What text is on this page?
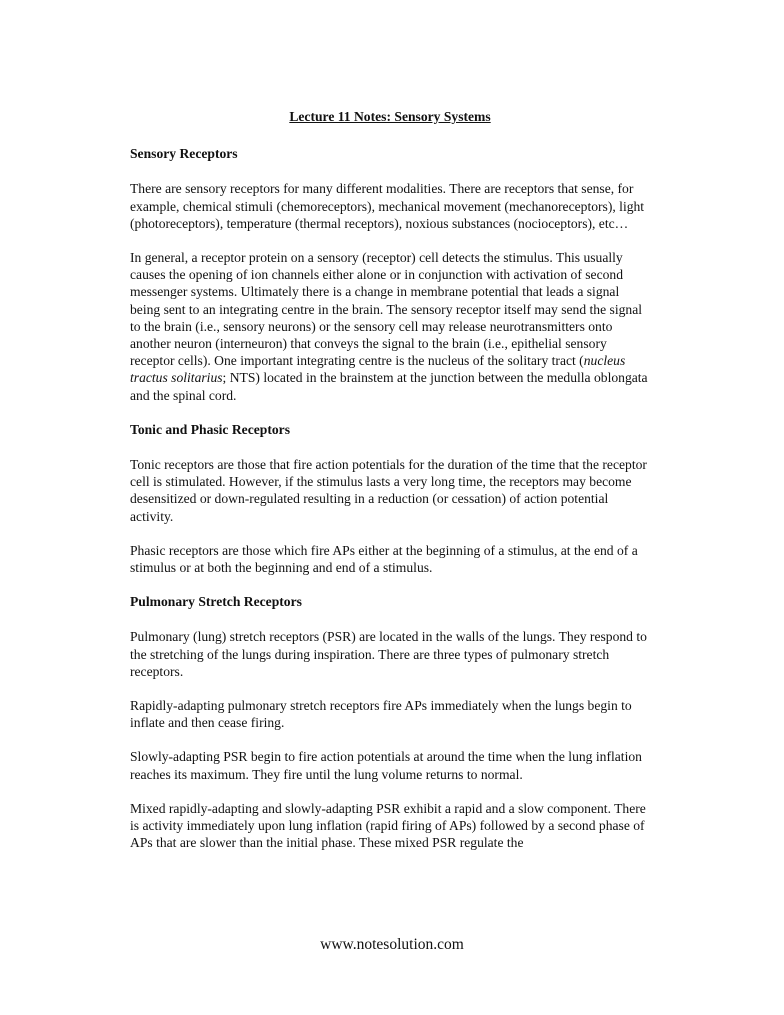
Lecture 11 Notes: Sensory Systems
Sensory Receptors

There are sensory receptors for many different modalities. There are receptors that sense, for example, chemical stimuli (chemoreceptors), mechanical movement (mechanoreceptors), light (photoreceptors), temperature (thermal receptors), noxious substances (nocioceptors), etc…

In general, a receptor protein on a sensory (receptor) cell detects the stimulus. This usually causes the opening of ion channels either alone or in conjunction with activation of second messenger systems. Ultimately there is a change in membrane potential that leads a signal being sent to an integrating centre in the brain. The sensory receptor itself may send the signal to the brain (i.e., sensory neurons) or the sensory cell may release neurotransmitters onto another neuron (interneuron) that conveys the signal to the brain (i.e., epithelial sensory receptor cells). One important integrating centre is the nucleus of the solitary tract (nucleus tractus solitarius; NTS) located in the brainstem at the junction between the medulla oblongata and the spinal cord.

Tonic and Phasic Receptors

Tonic receptors are those that fire action potentials for the duration of the time that the receptor cell is stimulated. However, if the stimulus lasts a very long time, the receptors may become desensitized or down-regulated resulting in a reduction (or cessation) of action potential activity.

Phasic receptors are those which fire APs either at the beginning of a stimulus, at the end of a stimulus or at both the beginning and end of a stimulus.

Pulmonary Stretch Receptors

Pulmonary (lung) stretch receptors (PSR) are located in the walls of the lungs. They respond to the stretching of the lungs during inspiration. There are three types of pulmonary stretch receptors.

Rapidly-adapting pulmonary stretch receptors fire APs immediately when the lungs begin to inflate and then cease firing.

Slowly-adapting PSR begin to fire action potentials at around the time when the lung inflation reaches its maximum. They fire until the lung volume returns to normal.

Mixed rapidly-adapting and slowly-adapting PSR exhibit a rapid and a slow component. There is activity immediately upon lung inflation (rapid firing of APs) followed by a second phase of APs that are slower than the initial phase. These mixed PSR regulate the

www.notesolution.com
